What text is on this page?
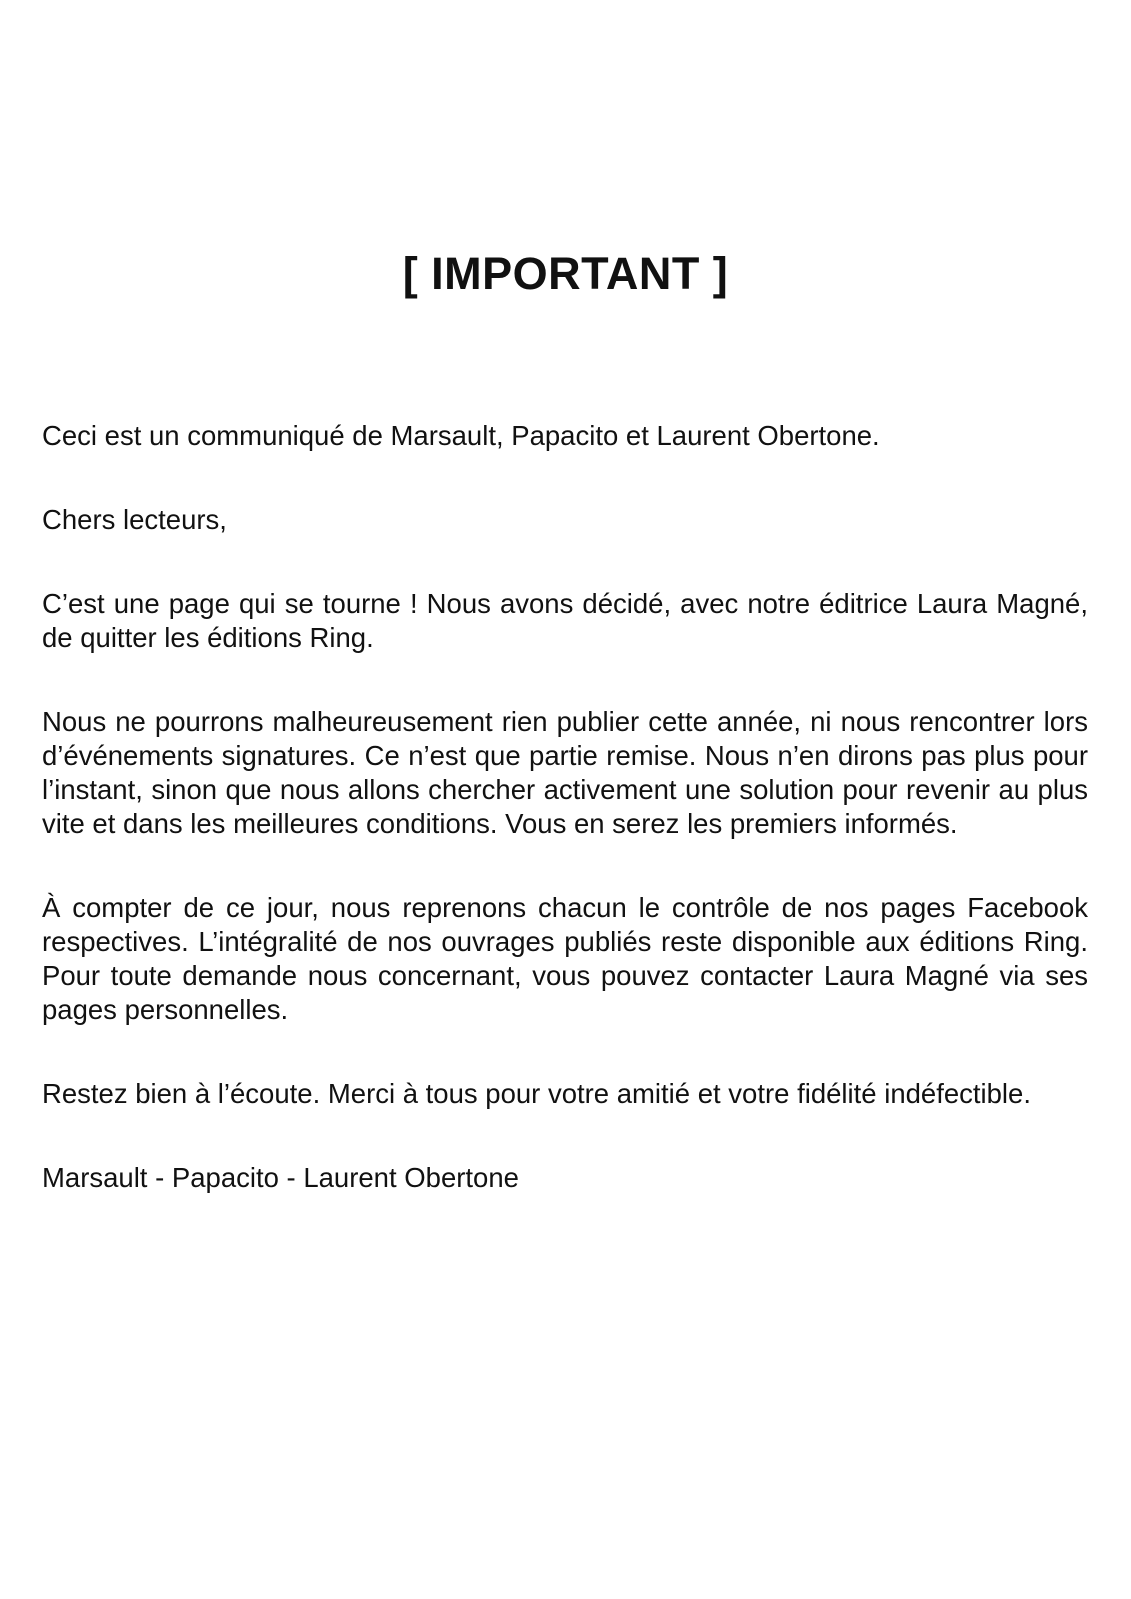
[ IMPORTANT ]

Ceci est un communiqué de Marsault, Papacito et Laurent Obertone.

Chers lecteurs,

C’est une page qui se tourne ! Nous avons décidé, avec notre éditrice Laura Magné, de quitter les éditions Ring.

Nous ne pourrons malheureusement rien publier cette année, ni nous rencontrer lors d’événements signatures. Ce n’est que partie remise. Nous n’en dirons pas plus pour l’instant, sinon que nous allons chercher activement une solution pour revenir au plus vite et dans les meilleures conditions. Vous en serez les premiers informés.

À compter de ce jour, nous reprenons chacun le contrôle de nos pages Facebook respectives. L’intégralité de nos ouvrages publiés reste disponible aux éditions Ring. Pour toute demande nous concernant, vous pouvez contacter Laura Magné via ses pages personnelles.

Restez bien à l’écoute. Merci à tous pour votre amitié et votre fidélité indéfectible.

Marsault - Papacito - Laurent Obertone
